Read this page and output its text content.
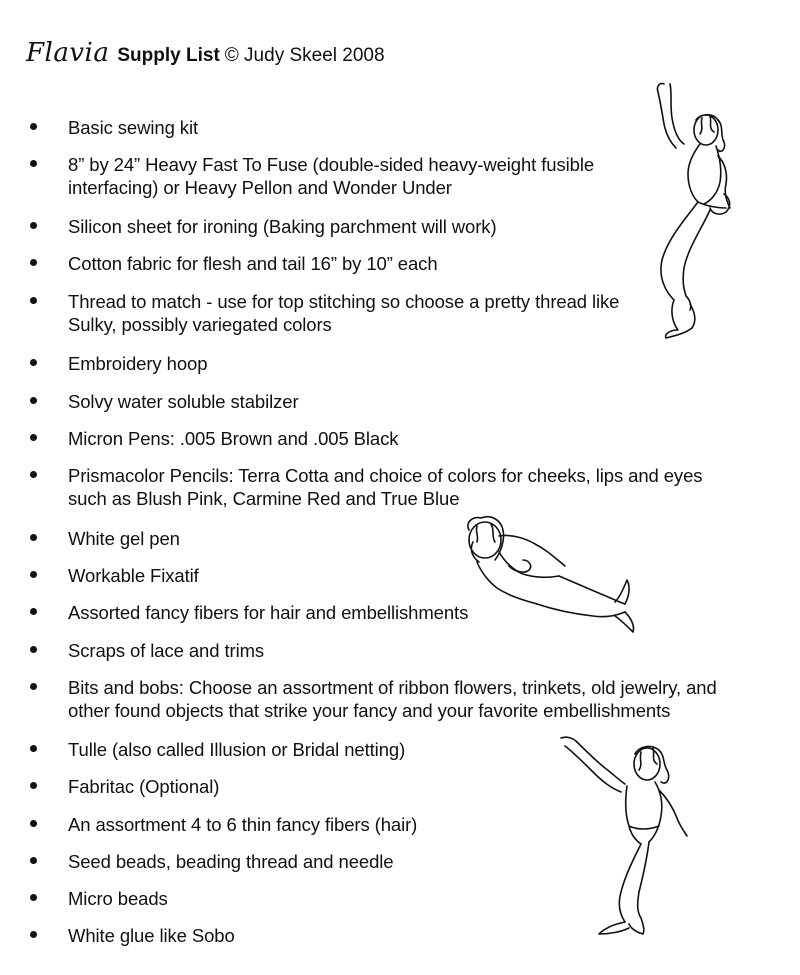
Flavia Supply List © Judy Skeel 2008
Basic sewing kit
8” by 24” Heavy Fast To Fuse (double-sided heavy-weight fusible interfacing) or Heavy Pellon and Wonder Under
Silicon sheet for ironing (Baking parchment will work)
Cotton fabric for flesh and tail 16” by 10” each
Thread to match - use for top stitching so choose a pretty thread like Sulky, possibly variegated colors
Embroidery hoop
Solvy water soluble stabilzer
Micron Pens: .005 Brown and .005 Black
Prismacolor Pencils: Terra Cotta and choice of colors for cheeks, lips and eyes such as Blush Pink, Carmine Red and True Blue
White gel pen
Workable Fixatif
Assorted fancy fibers for hair and embellishments
Scraps of lace and trims
Bits and bobs: Choose an assortment of ribbon flowers, trinkets, old jewelry, and other found objects that strike your fancy and your favorite embellishments
Tulle (also called Illusion or Bridal netting)
Fabritac (Optional)
An assortment 4 to 6 thin fancy fibers (hair)
Seed beads, beading thread and needle
Micro beads
White glue like Sobo
